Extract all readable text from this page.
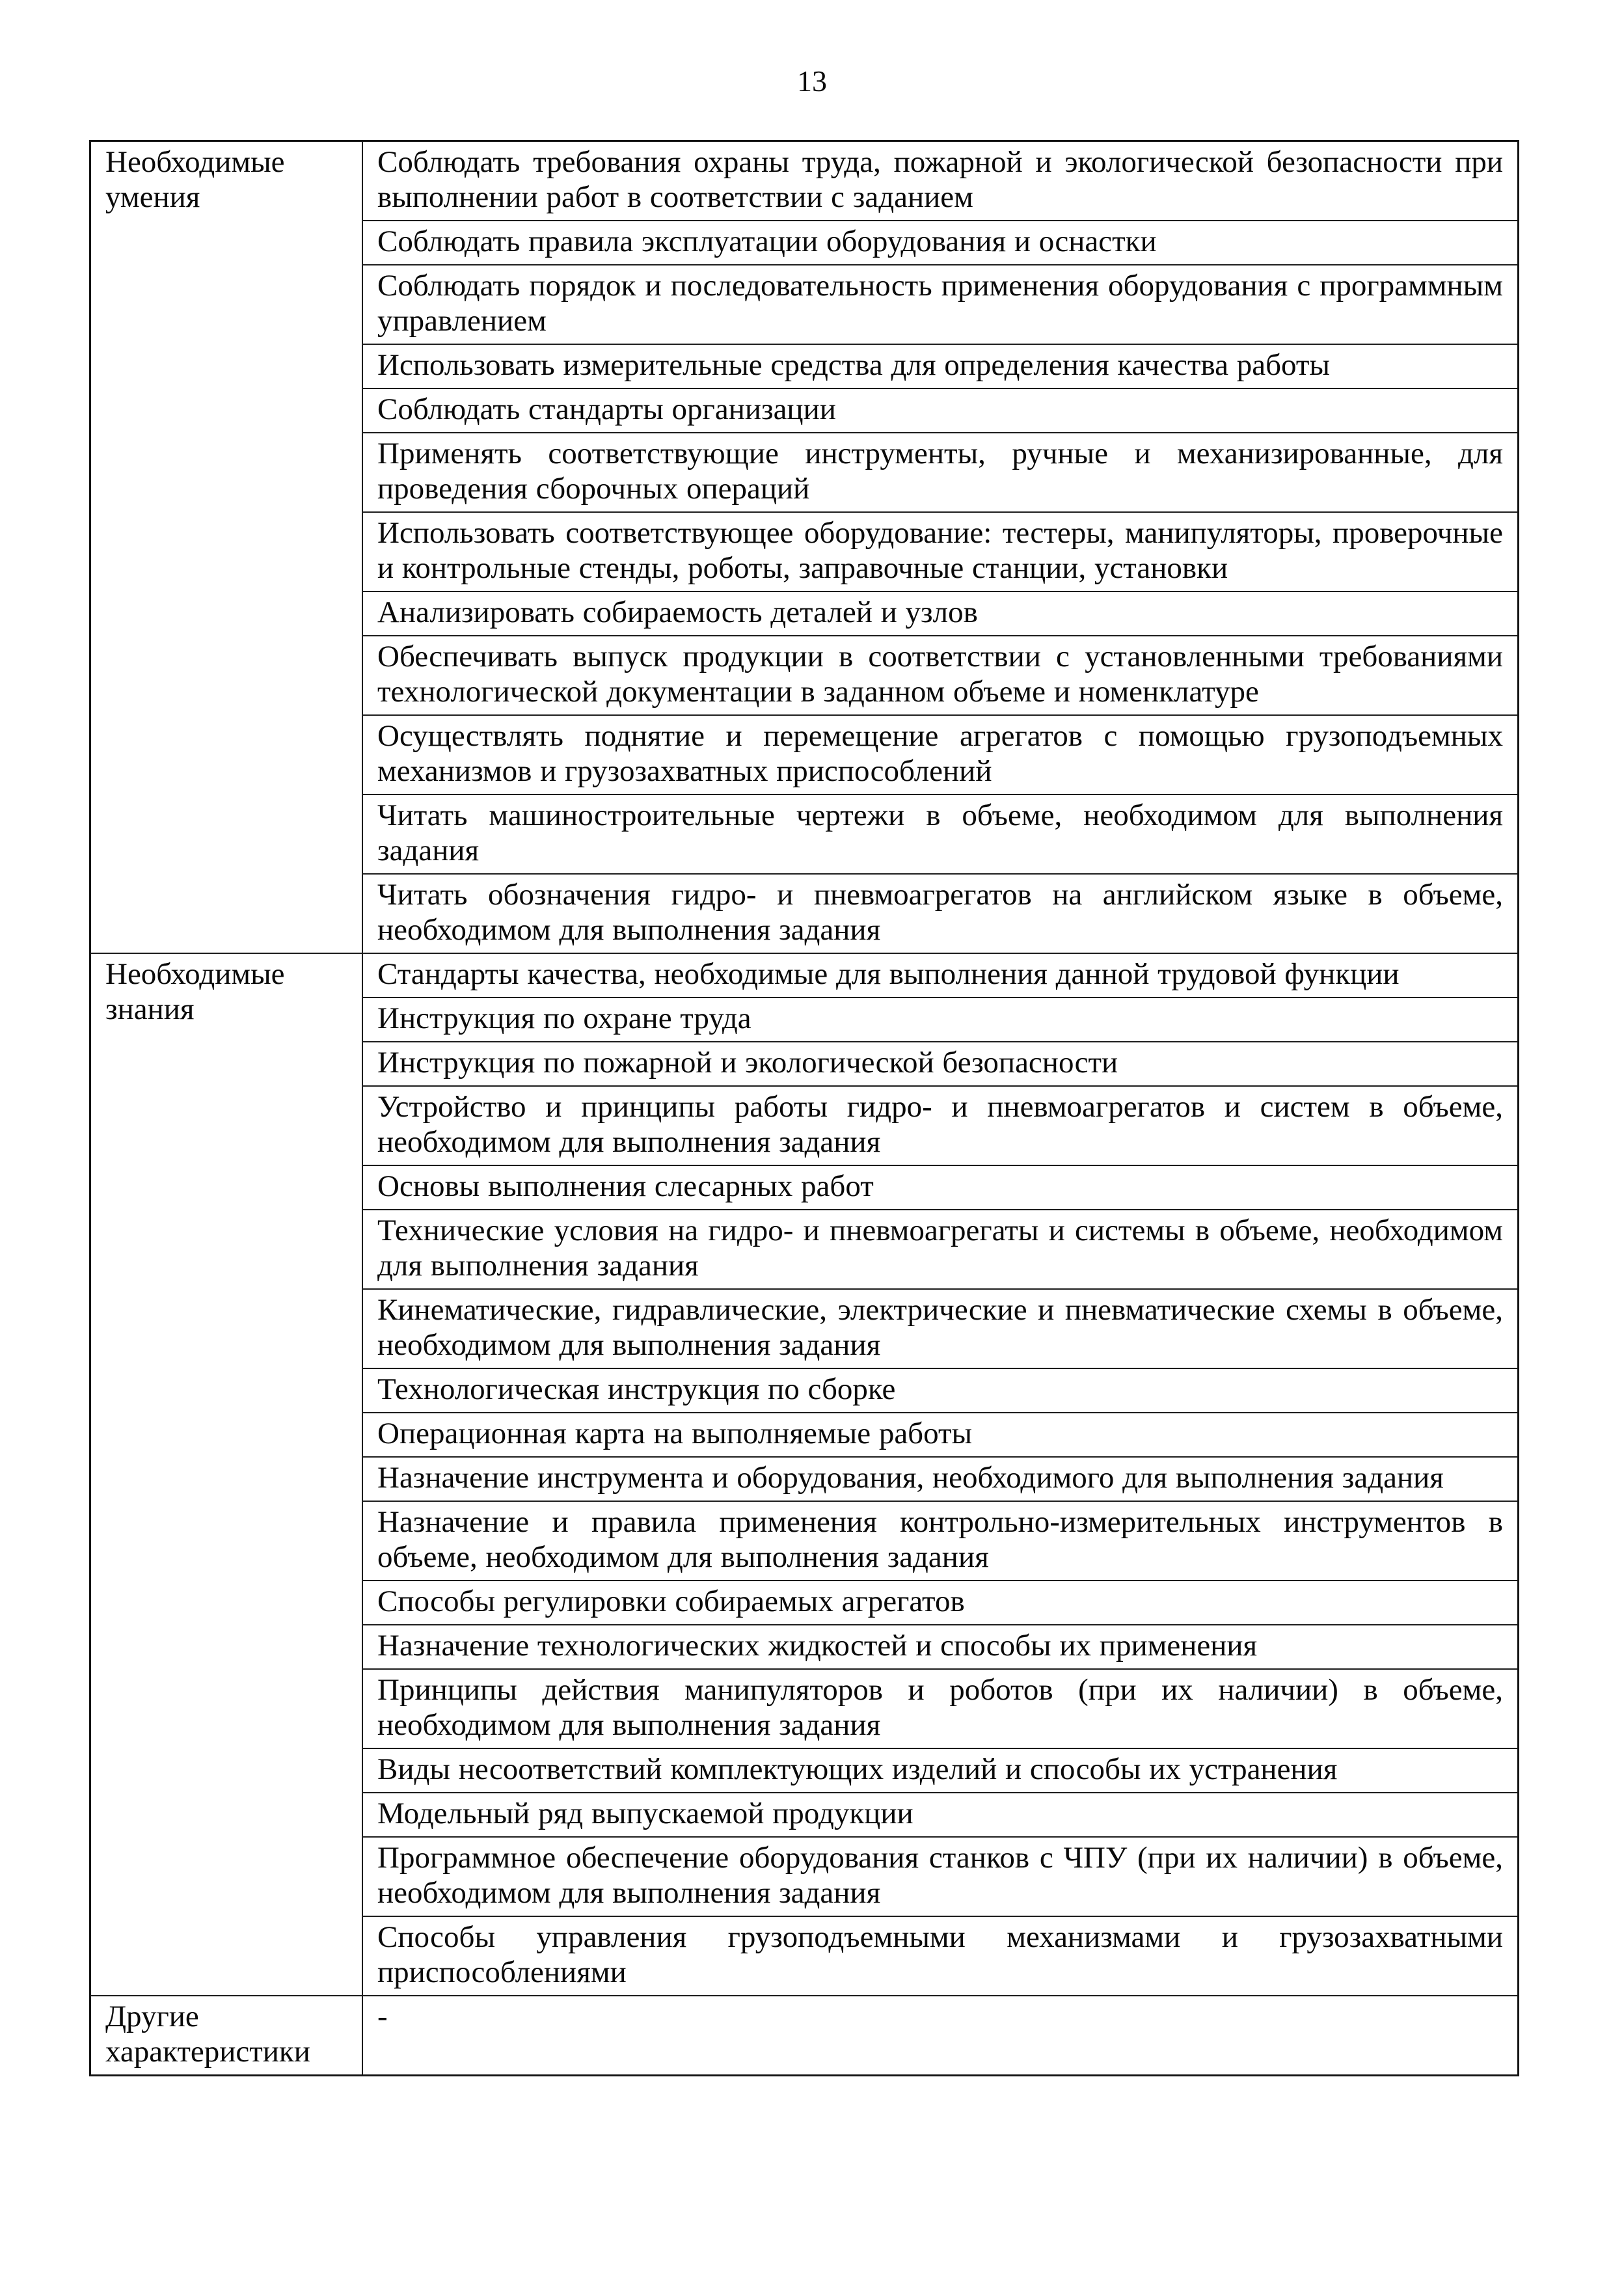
13
Необходимые умения	Соблюдать требования охраны труда, пожарной и экологической безопасности при выполнении работ в соответствии с заданием
	Соблюдать правила эксплуатации оборудования и оснастки
	Соблюдать порядок и последовательность применения оборудования с программным управлением
	Использовать измерительные средства для определения качества работы
	Соблюдать стандарты организации
	Применять соответствующие инструменты, ручные и механизированные, для проведения сборочных операций
	Использовать соответствующее оборудование: тестеры, манипуляторы, проверочные и контрольные стенды, роботы, заправочные станции, установки
	Анализировать собираемость деталей и узлов
	Обеспечивать выпуск продукции в соответствии с установленными требованиями технологической документации в заданном объеме и номенклатуре
	Осуществлять поднятие и перемещение агрегатов с помощью грузоподъемных механизмов и грузозахватных приспособлений
	Читать машиностроительные чертежи в объеме, необходимом для выполнения задания
	Читать обозначения гидро- и пневмоагрегатов на английском языке в объеме, необходимом для выполнения задания
Необходимые знания	Стандарты качества, необходимые для выполнения данной трудовой функции
	Инструкция по охране труда
	Инструкция по пожарной и экологической безопасности
	Устройство и принципы работы гидро- и пневмоагрегатов и систем в объеме, необходимом для выполнения задания
	Основы выполнения слесарных работ
	Технические условия на гидро- и пневмоагрегаты и системы в объеме, необходимом для выполнения задания
	Кинематические, гидравлические, электрические и пневматические схемы в объеме, необходимом для выполнения задания
	Технологическая инструкция по сборке
	Операционная карта на выполняемые работы
	Назначение инструмента и оборудования, необходимого для выполнения задания
	Назначение и правила применения контрольно-измерительных инструментов в объеме, необходимом для выполнения задания
	Способы регулировки собираемых агрегатов
	Назначение технологических жидкостей и способы их применения
	Принципы действия манипуляторов и роботов (при их наличии) в объеме, необходимом для выполнения задания
	Виды несоответствий комплектующих изделий и способы их устранения
	Модельный ряд выпускаемой продукции
	Программное обеспечение оборудования станков с ЧПУ (при их наличии) в объеме, необходимом для выполнения задания
	Способы управления грузоподъемными механизмами и грузозахватными приспособлениями
Другие характеристики	-
